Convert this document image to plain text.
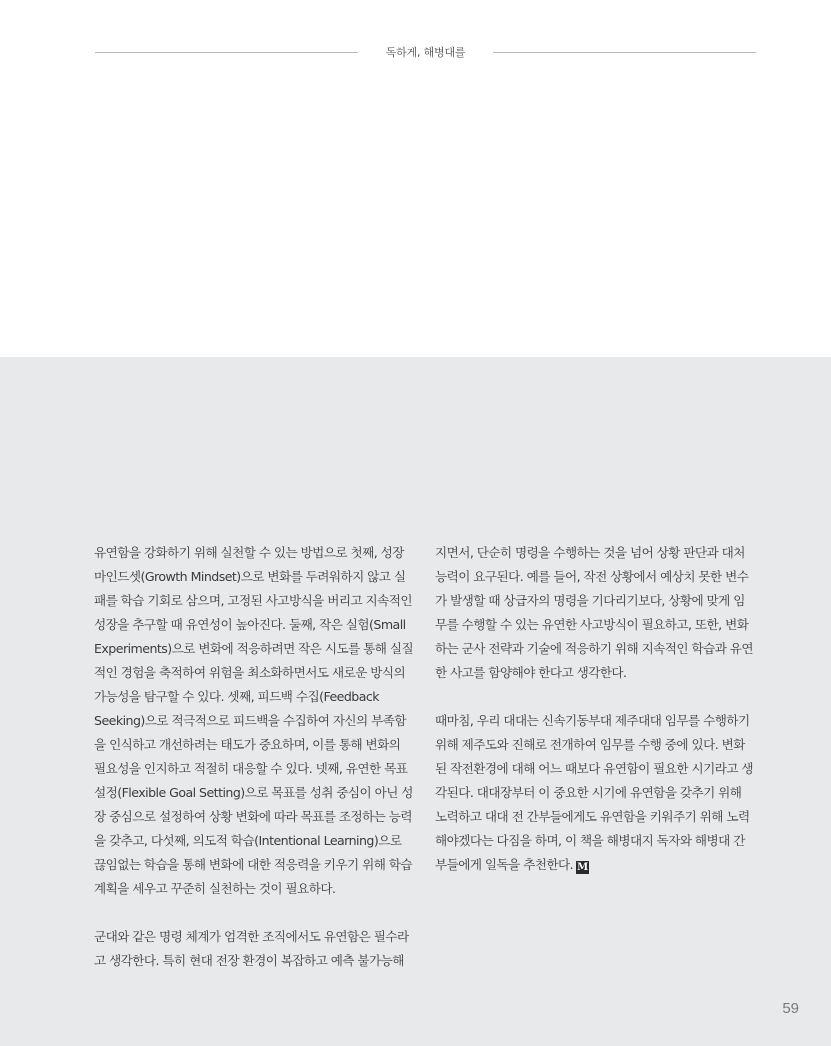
독하게, 해병대를
유연함을 강화하기 위해 실천할 수 있는 방법으로 첫째, 성장
마인드셋(Growth Mindset)으로 변화를 두려워하지 않고 실
패를 학습 기회로 삼으며, 고정된 사고방식을 버리고 지속적인
성장을 추구할 때 유연성이 높아진다. 둘째, 작은 실험(Small
Experiments)으로 변화에 적응하려면 작은 시도를 통해 실질
적인 경험을 축적하여 위험을 최소화하면서도 새로운 방식의
가능성을 탐구할 수 있다. 셋째, 피드백 수집(Feedback
Seeking)으로 적극적으로 피드백을 수집하여 자신의 부족함
을 인식하고 개선하려는 태도가 중요하며, 이를 통해 변화의
필요성을 인지하고 적절히 대응할 수 있다. 넷째, 유연한 목표
설정(Flexible Goal Setting)으로 목표를 성취 중심이 아닌 성
장 중심으로 설정하여 상황 변화에 따라 목표를 조정하는 능력
을 갖추고, 다섯째, 의도적 학습(Intentional Learning)으로
끊임없는 학습을 통해 변화에 대한 적응력을 키우기 위해 학습
계획을 세우고 꾸준히 실천하는 것이 필요하다.
군대와 같은 명령 체계가 엄격한 조직에서도 유연함은 필수라
고 생각한다. 특히 현대 전장 환경이 복잡하고 예측 불가능해
지면서, 단순히 명령을 수행하는 것을 넘어 상황 판단과 대처
능력이 요구된다. 예를 들어, 작전 상황에서 예상치 못한 변수
가 발생할 때 상급자의 명령을 기다리기보다, 상황에 맞게 임
무를 수행할 수 있는 유연한 사고방식이 필요하고, 또한, 변화
하는 군사 전략과 기술에 적응하기 위해 지속적인 학습과 유연
한 사고를 함양해야 한다고 생각한다.
때마침, 우리 대대는 신속기동부대 제주대대 임무를 수행하기
위해 제주도와 진해로 전개하여 임무를 수행 중에 있다. 변화
된 작전환경에 대해 어느 때보다 유연함이 필요한 시기라고 생
각된다. 대대장부터 이 중요한 시기에 유연함을 갖추기 위해
노력하고 대대 전 간부들에게도 유연함을 키워주기 위해 노력
해야겠다는 다짐을 하며, 이 책을 해병대지 독자와 해병대 간
부들에게 일독을 추천한다. M
59
